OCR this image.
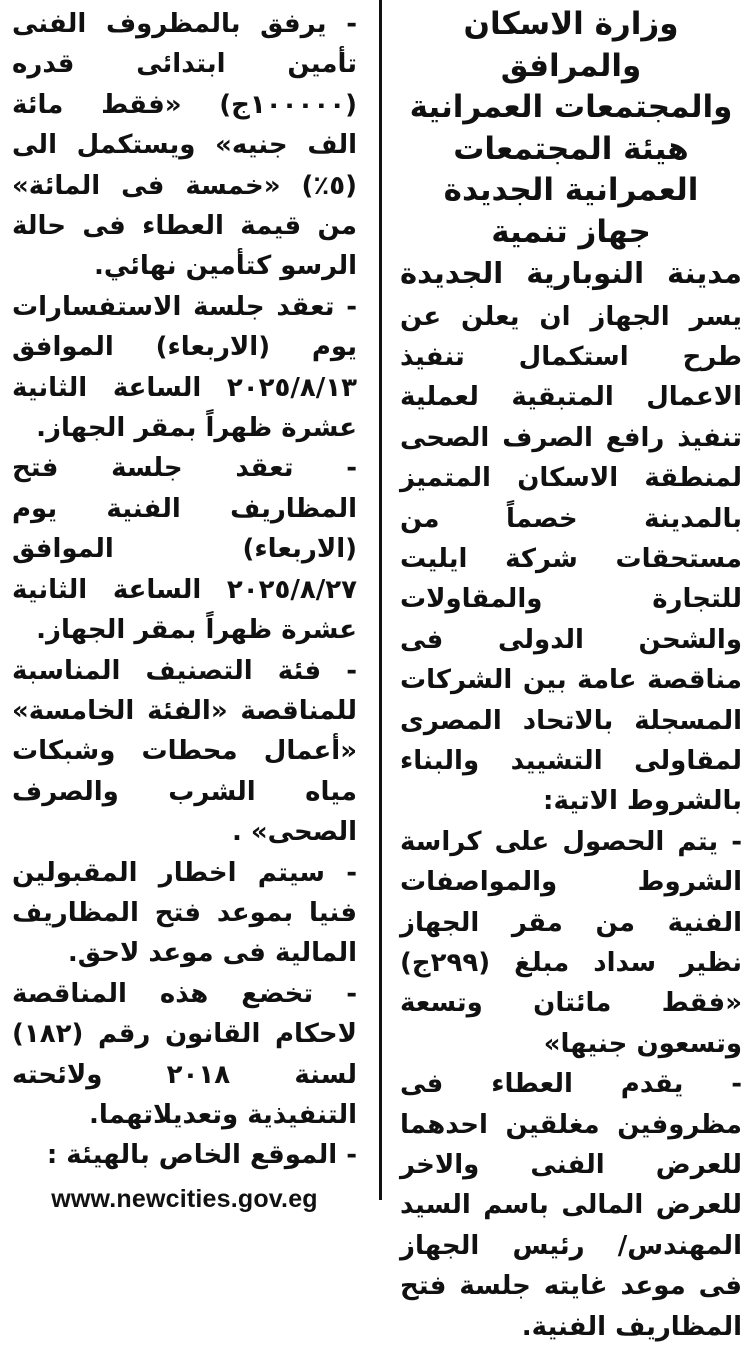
وزارة الاسكان والمرافق
والمجتمعات العمرانية
هيئة المجتمعات
العمرانية الجديدة
جهاز تنمية
مدينة النوبارية الجديدة

يسر الجهاز ان يعلن عن طرح استكمال تنفيذ الاعمال المتبقية لعملية تنفيذ رافع الصرف الصحى لمنطقة الاسكان المتميز بالمدينة خصماً من مستحقات شركة ايليت للتجارة والمقاولات والشحن الدولى فى مناقصة عامة بين الشركات المسجلة بالاتحاد المصرى لمقاولى التشييد والبناء بالشروط الاتية:

- يتم الحصول على كراسة الشروط والمواصفات الفنية من مقر الجهاز نظير سداد مبلغ (٢٩٩ج) «فقط مائتان وتسعة وتسعون جنيها»

- يقدم العطاء فى مظروفين مغلقين احدهما للعرض الفنى والاخر للعرض المالى باسم السيد المهندس/ رئيس الجهاز فى موعد غايته جلسة فتح المظاريف الفنية.

- يرفق بالمظروف الفنى تأمين ابتدائى قدره (١٠٠٠٠٠ج) «فقط مائة الف جنيه» ويستكمل الى (٥٪) «خمسة فى المائة» من قيمة العطاء فى حالة الرسو كتأمين نهائي.

- تعقد جلسة الاستفسارات يوم (الاربعاء) الموافق ٢٠٢٥/٨/١٣ الساعة الثانية عشرة ظهراً بمقر الجهاز.

- تعقد جلسة فتح المظاريف الفنية يوم (الاربعاء) الموافق ٢٠٢٥/٨/٢٧ الساعة الثانية عشرة ظهراً بمقر الجهاز.

- فئة التصنيف المناسبة للمناقصة «الفئة الخامسة» «أعمال محطات وشبكات مياه الشرب والصرف الصحى» .

- سيتم اخطار المقبولين فنيا بموعد فتح المظاريف المالية فى موعد لاحق.

- تخضع هذه المناقصة لاحكام القانون رقم (١٨٢) لسنة ٢٠١٨ ولائحته التنفيذية وتعديلاتهما.

- الموقع الخاص بالهيئة :

www.newcities.gov.eg
